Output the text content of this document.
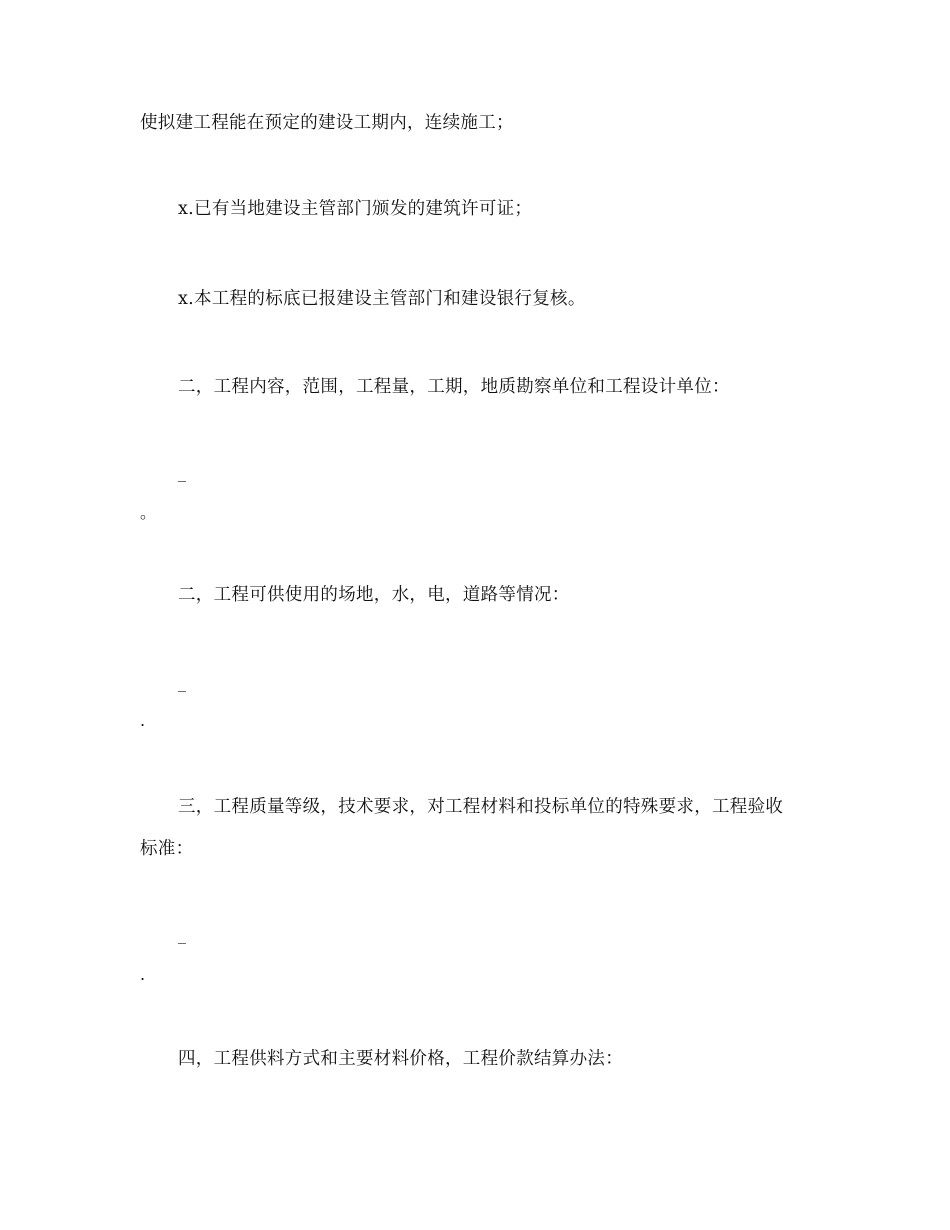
使拟建工程能在预定的建设工期内，连续施工；
x.已有当地建设主管部门颁发的建筑许可证；
x.本工程的标底已报建设主管部门和建设银行复核。
二，工程内容，范围，工程量，工期，地质勘察单位和工程设计单位：
_
。
二，工程可供使用的场地，水，电，道路等情况：
_
.
三，工程质量等级，技术要求，对工程材料和投标单位的特殊要求，工程验收
标准：
_
.
四，工程供料方式和主要材料价格，工程价款结算办法：
